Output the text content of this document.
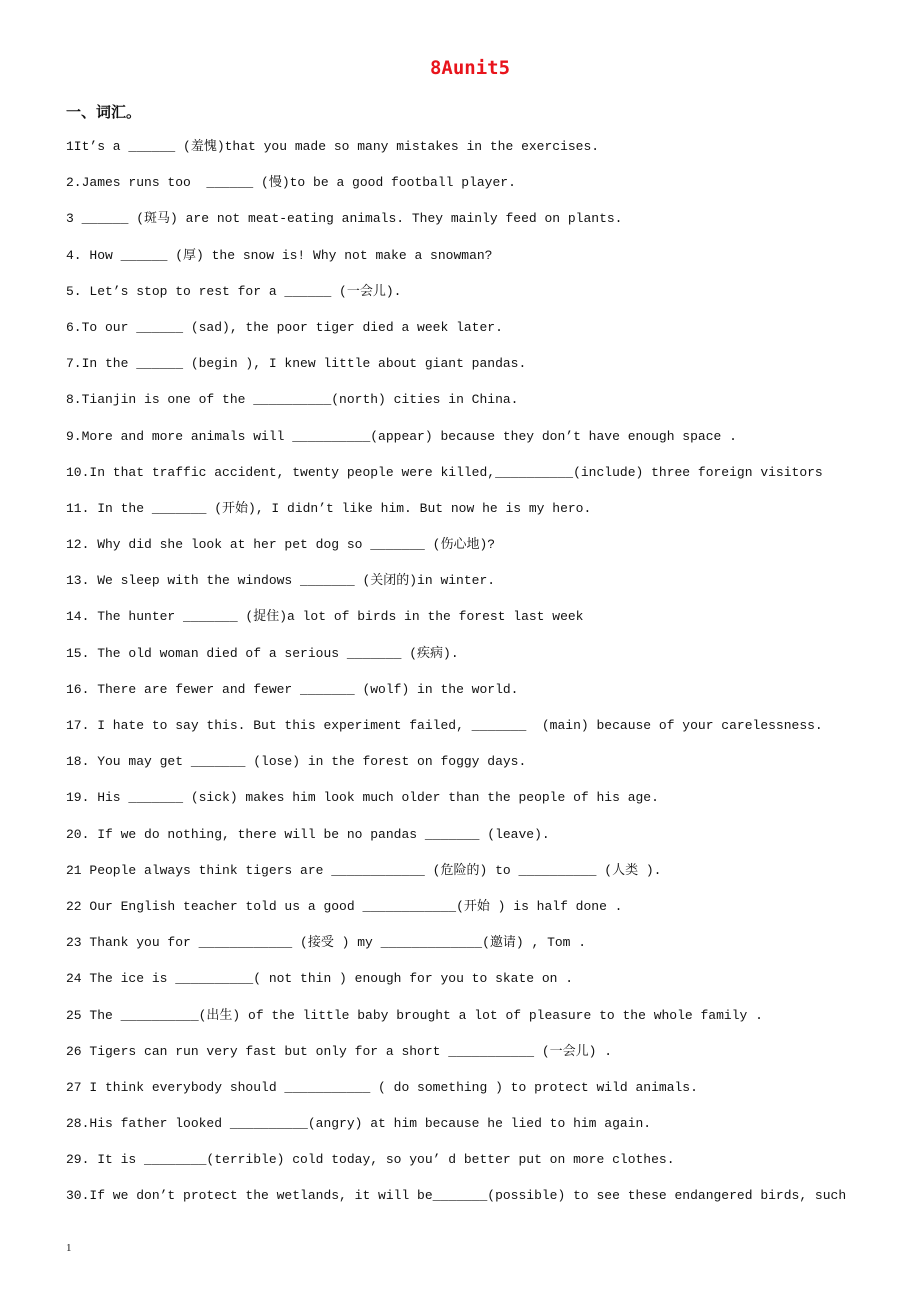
8Aunit5
一、词汇。
1It’s a ______ (羞愧)that you made so many mistakes in the exercises.
2.James runs too  ______ (慢)to be a good football player.
3 ______ (斑马) are not meat-eating animals. They mainly feed on plants.
4. How ______ (厚) the snow is! Why not make a snowman?
5. Let’s stop to rest for a ______ (一会儿).
6.To our ______ (sad), the poor tiger died a week later.
7.In the ______ (begin ), I knew little about giant pandas.
8.Tianjin is one of the __________(north) cities in China.
9.More and more animals will __________(appear) because they don’t have enough space .
10.In that traffic accident, twenty people were killed,__________(include) three foreign visitors
11. In the _______ (开始), I didn’t like him. But now he is my hero.
12. Why did she look at her pet dog so _______ (伤心地)?
13. We sleep with the windows _______ (关闭的)in winter.
14. The hunter _______ (捉住)a lot of birds in the forest last week
15. The old woman died of a serious _______ (疾病).
16. There are fewer and fewer _______ (wolf) in the world.
17. I hate to say this. But this experiment failed, _______  (main) because of your carelessness.
18. You may get _______ (lose) in the forest on foggy days.
19. His _______ (sick) makes him look much older than the people of his age.
20. If we do nothing, there will be no pandas _______ (leave).
21 People always think tigers are ____________ (危险的) to __________ (人类 ).
22 Our English teacher told us a good ____________(开始 ) is half done .
23 Thank you for ____________ (接受 ) my _____________(邀请) , Tom .
24 The ice is __________( not thin ) enough for you to skate on .
25 The __________(出生) of the little baby brought a lot of pleasure to the whole family .
26 Tigers can run very fast but only for a short ___________ (一会儿) .
27 I think everybody should ___________ ( do something ) to protect wild animals.
28.His father looked __________(angry) at him because he lied to him again.
29. It is ________(terrible) cold today, so you’ d better put on more clothes.
30.If we don’t protect the wetlands, it will be_______(possible) to see these endangered birds, such
1
